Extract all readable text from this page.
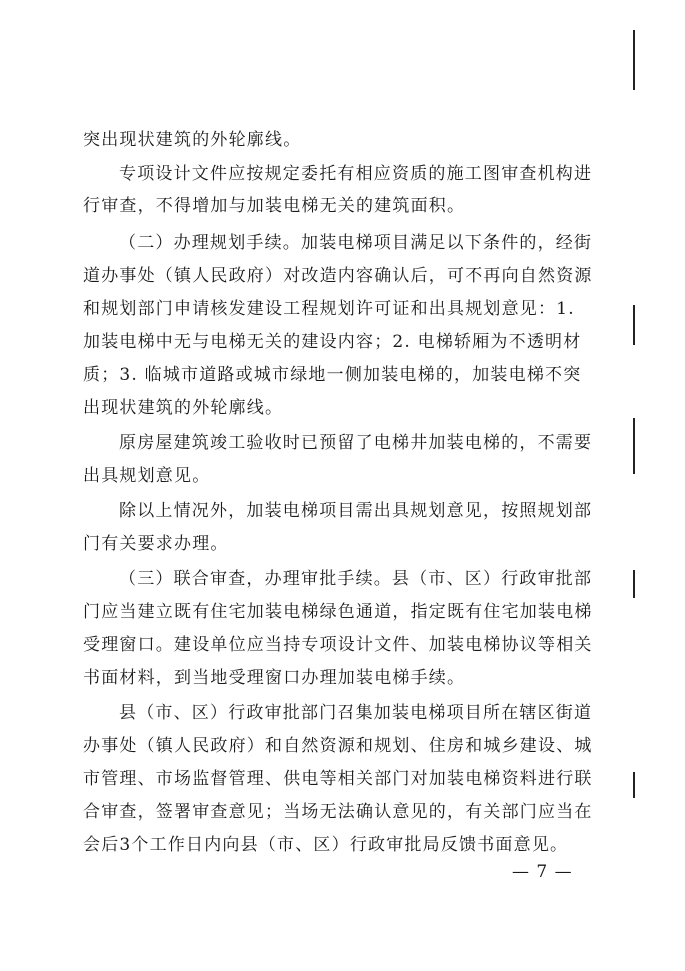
突出现状建筑的外轮廓线。
专项设计文件应按规定委托有相应资质的施工图审查机构进
行审查，不得增加与加装电梯无关的建筑面积。
（二）办理规划手续。加装电梯项目满足以下条件的，经街
道办事处（镇人民政府）对改造内容确认后，可不再向自然资源
和规划部门申请核发建设工程规划许可证和出具规划意见：1.
加装电梯中无与电梯无关的建设内容；2. 电梯轿厢为不透明材
质；3. 临城市道路或城市绿地一侧加装电梯的，加装电梯不突
出现状建筑的外轮廓线。
原房屋建筑竣工验收时已预留了电梯井加装电梯的，不需要
出具规划意见。
除以上情况外，加装电梯项目需出具规划意见，按照规划部
门有关要求办理。
（三）联合审查，办理审批手续。县（市、区）行政审批部
门应当建立既有住宅加装电梯绿色通道，指定既有住宅加装电梯
受理窗口。建设单位应当持专项设计文件、加装电梯协议等相关
书面材料，到当地受理窗口办理加装电梯手续。
县（市、区）行政审批部门召集加装电梯项目所在辖区街道
办事处（镇人民政府）和自然资源和规划、住房和城乡建设、城
市管理、市场监督管理、供电等相关部门对加装电梯资料进行联
合审查，签署审查意见；当场无法确认意见的，有关部门应当在
会后3个工作日内向县（市、区）行政审批局反馈书面意见。
— 7 —
